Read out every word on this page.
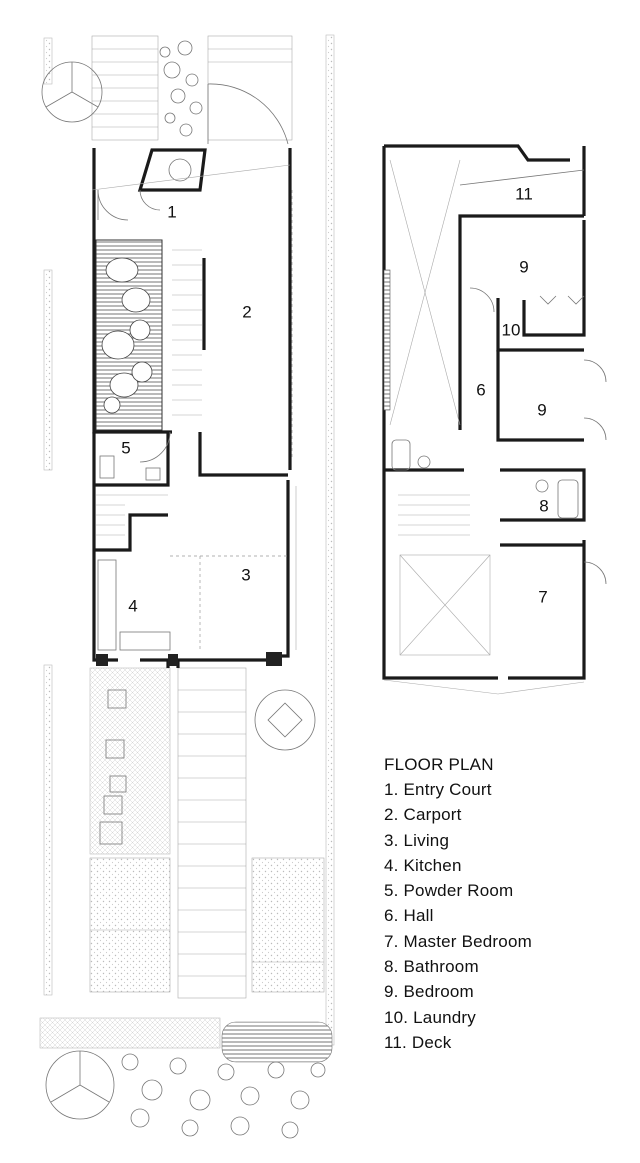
1
2
3
4
5
11
9
10
6
9
8
7
FLOOR PLAN
1. Entry Court
2. Carport
3. Living
4. Kitchen
5. Powder Room
6. Hall
7. Master Bedroom
8. Bathroom
9. Bedroom
10. Laundry
11. Deck
